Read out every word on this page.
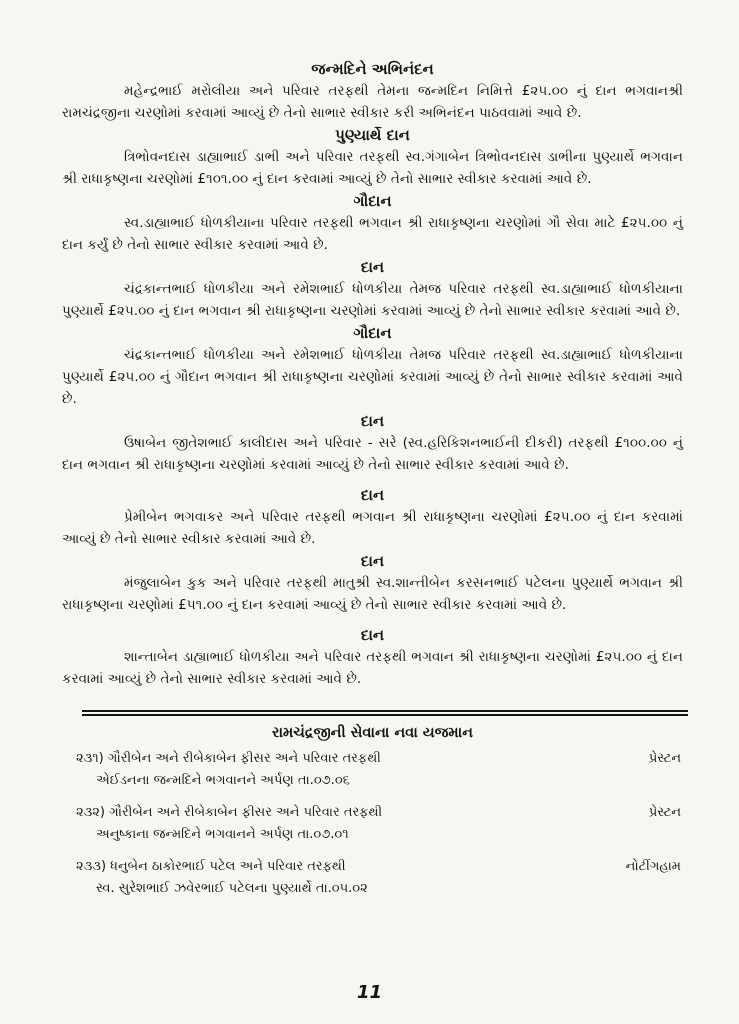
જન્મદિને અભિનંદન

મહેન્દ્રભાઈ મરોલીયા અને પરિવાર તરફથી તેમના જન્મદિન નિમિત્તે £૨૫.૦૦ નું દાન ભગવાનશ્રી રામચંદ્રજીના ચરણોમાં કરવામાં આવ્યું છે તેનો સાભાર સ્વીકાર કરી અભિનંદન પાઠવવામાં આવે છે.

પુણ્યાર્થે દાન

ત્રિભોવનદાસ ડાહ્યાભાઈ ડાભી અને પરિવાર તરફથી સ્વ.ગંગાબેન ત્રિભોવનદાસ ડાભીના પુણ્યાર્થે ભગવાન શ્રી રાધાકૃષ્ણના ચરણોમાં £૧૦૧.૦૦ નું દાન કરવામાં આવ્યું છે તેનો સાભાર સ્વીકાર કરવામાં આવે છે.

ગૌદાન

સ્વ.ડાહ્યાભાઈ ધોળકીયાના પરિવાર તરફથી ભગવાન શ્રી રાધાકૃષ્ણના ચરણોમાં ગૌ સેવા માટે £૨૫.૦૦ નું દાન કર્યું છે તેનો સાભાર સ્વીકાર કરવામાં આવે છે.

દાન

ચંદ્રકાન્તભાઈ ધોળકીયા અને રમેશભાઈ ધોળકીયા તેમજ પરિવાર તરફથી સ્વ.ડાહ્યાભાઈ ધોળકીયાના પુણ્યાર્થે £૨૫.૦૦ નું દાન ભગવાન શ્રી રાધાકૃષ્ણના ચરણોમાં કરવામાં આવ્યું છે તેનો સાભાર સ્વીકાર કરવામાં આવે છે.

ગૌદાન

ચંદ્રકાન્તભાઈ ધોળકીયા અને રમેશભાઈ ધોળકીયા તેમજ પરિવાર તરફથી સ્વ.ડાહ્યાભાઈ ધોળકીયાના પુણ્યાર્થે £૨૫.૦૦ નું ગૌદાન ભગવાન શ્રી રાધાકૃષ્ણના ચરણોમાં કરવામાં આવ્યું છે તેનો સાભાર સ્વીકાર કરવામાં આવે છે.

દાન

ઉષાબેન જીતેશભાઈ કાલીદાસ અને પરિવાર - સરે (સ્વ.હરિકિશનભાઈની દીકરી) તરફથી £૧૦૦.૦૦ નું દાન ભગવાન શ્રી રાધાકૃષ્ણના ચરણોમાં કરવામાં આવ્યું છે તેનો સાભાર સ્વીકાર કરવામાં આવે છે.

દાન

પ્રેમીબેન ભગવાકર અને પરિવાર તરફથી ભગવાન શ્રી રાધાકૃષ્ણના ચરણોમાં £૨૫.૦૦ નું દાન કરવામાં આવ્યું છે તેનો સાભાર સ્વીકાર કરવામાં આવે છે.

દાન

મંજુલાબેન કુક અને પરિવાર તરફથી માતુશ્રી સ્વ.શાન્તીબેન કરસનભાઈ પટેલના પુણ્યાર્થે ભગવાન શ્રી રાધાકૃષ્ણના ચરણોમાં £૫૧.૦૦ નું દાન કરવામાં આવ્યું છે તેનો સાભાર સ્વીકાર કરવામાં આવે છે.

દાન

શાન્તાબેન ડાહ્યાભાઈ ધોળકીયા અને પરિવાર તરફથી ભગવાન શ્રી રાધાકૃષ્ણના ચરણોમાં £૨૫.૦૦ નું દાન કરવામાં આવ્યું છે તેનો સાભાર સ્વીકાર કરવામાં આવે છે.

રામચંદ્રજીની સેવાના નવા યજમાન
૨૩૧) ગૌરીબેન અને રીબેકાબેન ફીસર અને પરિવાર તરફથી
એઈડનના જન્મદિને ભગવાનને અર્પણ તા.૦૭.૦૬
પ્રેસ્ટન
૨૩૨) ગૌરીબેન અને રીબેકાબેન ફીસર અને પરિવાર તરફથી
અનુષ્કાના જન્મદિને ભગવાનને અર્પણ તા.૦૭.૦૧
પ્રેસ્ટન
૨૩૩) ધનુબેન ઠાકોરભાઈ પટેલ અને પરિવાર તરફથી
સ્વ. સુરેશભાઈ ઝવેરભાઈ પટેલના પુણ્યાર્થે તા.૦૫.૦૨
નોટીંગહામ
11
